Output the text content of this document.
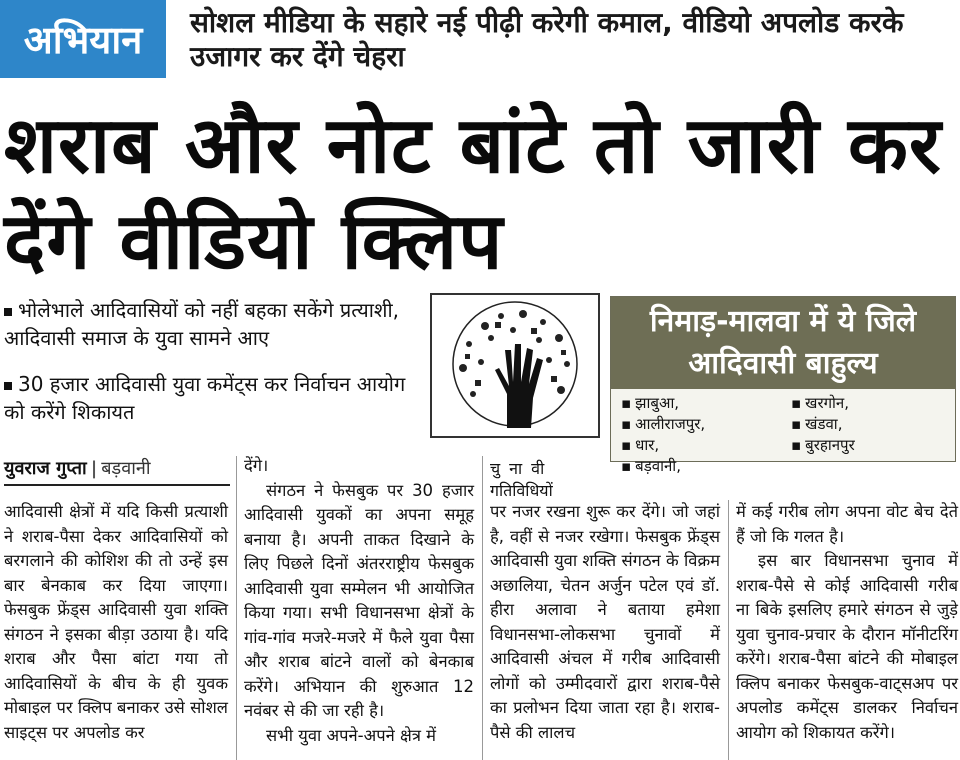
अभियान सोशल मीडिया के सहारे नई पीढ़ी करेगी कमाल, वीडियो अपलोड करके उजागर कर देंगे चेहरा
शराब और नोट बांटे तो जारी कर देंगे वीडियो क्लिप
भोलेभाले आदिवासियों को नहीं बहका सकेंगे प्रत्याशी, आदिवासी समाज के युवा सामने आए
30 हजार आदिवासी युवा कमेंट्स कर निर्वाचन आयोग को करेंगे शिकायत
निमाड़-मालवा में ये जिले आदिवासी बाहुल्य
▪ झाबुआ,
▪ आलीराजपुर,
▪ धार,
▪ बड़वानी,
▪ खरगोन,
▪ खंडवा,
▪ बुरहानपुर
युवराज गुप्ता | बड़वानी

आदिवासी क्षेत्रों में यदि किसी प्रत्याशी ने शराब-पैसा देकर आदिवासियों को बरगलाने की कोशिश की तो उन्हें इस बार बेनकाब कर दिया जाएगा। फेसबुक फ्रेंड्स आदिवासी युवा शक्ति संगठन ने इसका बीड़ा उठाया है। यदि शराब और पैसा बांटा गया तो आदिवासियों के बीच के ही युवक मोबाइल पर क्लिप बनाकर उसे सोशल साइट्स पर अपलोड कर

देंगे।

संगठन ने फेसबुक पर 30 हजार आदिवासी युवकों का अपना समूह बनाया है। अपनी ताकत दिखाने के लिए पिछले दिनों अंतरराष्ट्रीय फेसबुक आदिवासी युवा सम्मेलन भी आयोजित किया गया। सभी विधानसभा क्षेत्रों के गांव-गांव मजरे-मजरे में फैले युवा पैसा और शराब बांटने वालों को बेनकाब करेंगे। अभियान की शुरुआत 12 नवंबर से की जा रही है।

सभी युवा अपने-अपने क्षेत्र में

चुनावी
गतिविधियों

पर नजर रखना शुरू कर देंगे। जो जहां है, वहीं से नजर रखेगा। फेसबुक फ्रेंड्स आदिवासी युवा शक्ति संगठन के विक्रम अछालिया, चेतन अर्जुन पटेल एवं डॉ. हीरा अलावा ने बताया हमेशा विधानसभा-लोकसभा चुनावों में आदिवासी अंचल में गरीब आदिवासी लोगों को उम्मीदवारों द्वारा शराब-पैसे का प्रलोभन दिया जाता रहा है। शराब-पैसे की लालच

में कई गरीब लोग अपना वोट बेच देते हैं जो कि गलत है।

इस बार विधानसभा चुनाव में शराब-पैसे से कोई आदिवासी गरीब ना बिके इसलिए हमारे संगठन से जुड़े युवा चुनाव-प्रचार के दौरान मॉनीटरिंग करेंगे। शराब-पैसा बांटने की मोबाइल क्लिप बनाकर फेसबुक-वाट्सअप पर अपलोड कमेंट्स डालकर निर्वाचन आयोग को शिकायत करेंगे।
